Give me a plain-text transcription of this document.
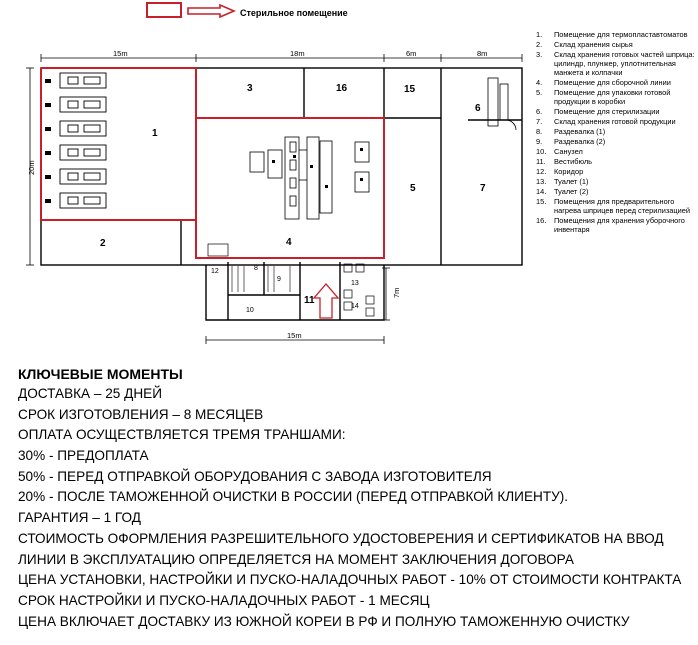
Стерильное помещение
15m	18m	6m	8m
20m
7m
15m
1
2
3
4
5
6
7
16	15
11
12	8
9
10
13
14
1.	Помещение для термопластавтоматов
2.	Склад хранения сырья
3.	Склад хранения готовых частей шприца: цилиндр, плунжер, уплотнительная манжета и колпачки
4.	Помещение для сборочной линии
5.	Помещение для упаковки готовой продукции в коробки
6.	Помещение для стерилизации
7.	Склад хранения готовой продукции
8.	Раздевалка (1)
9.	Раздевалка (2)
10.	Санузел
11.	Вестибюль
12.	Коридор
13.	Туалет (1)
14.	Туалет (2)
15.	Помещения для предварительного нагрева шприцев перед стерилизацией
16.	Помещения для хранения уборочного инвентаря
КЛЮЧЕВЫЕ МОМЕНТЫ
ДОСТАВКА – 25 ДНЕЙ
СРОК ИЗГОТОВЛЕНИЯ – 8 МЕСЯЦЕВ
ОПЛАТА ОСУЩЕСТВЛЯЕТСЯ ТРЕМЯ ТРАНШАМИ:
30% - ПРЕДОПЛАТА
50% - ПЕРЕД ОТПРАВКОЙ ОБОРУДОВАНИЯ С ЗАВОДА ИЗГОТОВИТЕЛЯ
20% - ПОСЛЕ ТАМОЖЕННОЙ ОЧИСТКИ В РОССИИ (ПЕРЕД ОТПРАВКОЙ КЛИЕНТУ).
ГАРАНТИЯ – 1 ГОД
СТОИМОСТЬ ОФОРМЛЕНИЯ РАЗРЕШИТЕЛЬНОГО УДОСТОВЕРЕНИЯ И СЕРТИФИКАТОВ НА ВВОД
ЛИНИИ В ЭКСПЛУАТАЦИЮ ОПРЕДЕЛЯЕТСЯ НА МОМЕНТ ЗАКЛЮЧЕНИЯ ДОГОВОРА
ЦЕНА УСТАНОВКИ, НАСТРОЙКИ И ПУСКО-НАЛАДОЧНЫХ РАБОТ - 10% ОТ СТОИМОСТИ КОНТРАКТА
СРОК НАСТРОЙКИ И ПУСКО-НАЛАДОЧНЫХ РАБОТ - 1 МЕСЯЦ
ЦЕНА ВКЛЮЧАЕТ ДОСТАВКУ ИЗ ЮЖНОЙ КОРЕИ В РФ И ПОЛНУЮ ТАМОЖЕННУЮ ОЧИСТКУ
